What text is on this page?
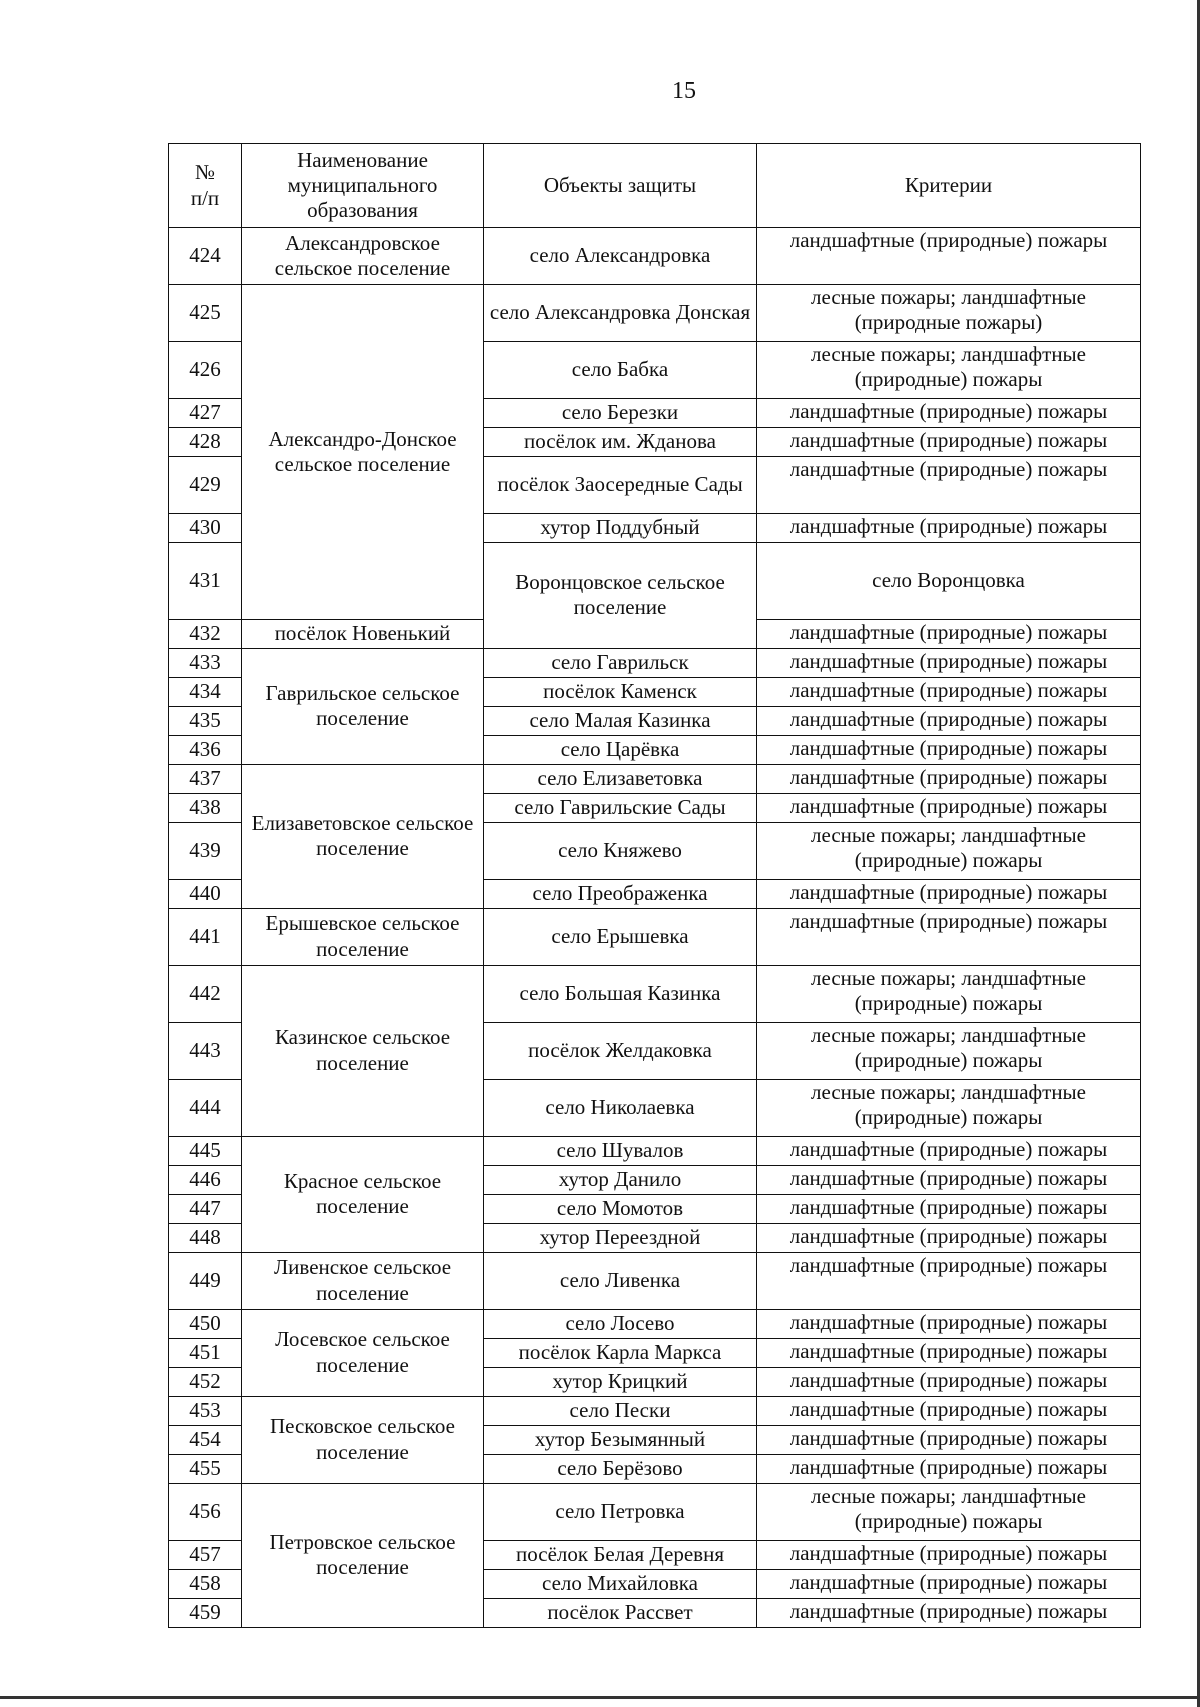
15
№
п/п	Наименование муниципального образования	Объекты защиты	Критерии	
424	Александровское сельское поселение	село Александровка	ландшафтные (природные) пожары	
425	Александро-Донское сельское поселение	село Александровка Донская	лесные пожары; ландшафтные (природные пожары)	
426		село Бабка	лесные пожары; ландшафтные (природные) пожары	
427		село Березки	ландшафтные (природные) пожары	
428		посёлок им. Жданова	ландшафтные (природные) пожары	
429		посёлок Заосередные Сады	ландшафтные (природные) пожары	
430		хутор Поддубный	ландшафтные (природные) пожары	
431		Воронцовское сельское поселение	село Воронцовка	
432	посёлок Новенький		ландшафтные (природные) пожары	
433	Гаврильское сельское поселение	село Гаврильск	ландшафтные (природные) пожары	
434		посёлок Каменск	ландшафтные (природные) пожары	
435		село Малая Казинка	ландшафтные (природные) пожары	
436		село Царёвка	ландшафтные (природные) пожары	
437	Елизаветовское сельское поселение	село Елизаветовка	ландшафтные (природные) пожары	
438		село Гаврильские Сады	ландшафтные (природные) пожары	
439		село Княжево	лесные пожары; ландшафтные (природные) пожары	
440		село Преображенка	ландшафтные (природные) пожары	
441	Ерышевское сельское поселение	село Ерышевка	ландшафтные (природные) пожары	
442	Казинское сельское поселение	село Большая Казинка	лесные пожары; ландшафтные (природные) пожары	
443		посёлок Желдаковка	лесные пожары; ландшафтные (природные) пожары	
444		село Николаевка	лесные пожары; ландшафтные (природные) пожары	
445	Красное сельское поселение	село Шувалов	ландшафтные (природные) пожары	
446		хутор Данило	ландшафтные (природные) пожары	
447		село Момотов	ландшафтные (природные) пожары	
448		хутор Переездной	ландшафтные (природные) пожары	
449	Ливенское сельское поселение	село Ливенка	ландшафтные (природные) пожары	
450	Лосевское сельское поселение	село Лосево	ландшафтные (природные) пожары	
451		посёлок Карла Маркса	ландшафтные (природные) пожары	
452		хутор Крицкий	ландшафтные (природные) пожары	
453	Песковское сельское поселение	село Пески	ландшафтные (природные) пожары	
454		хутор Безымянный	ландшафтные (природные) пожары	
455		село Берёзово	ландшафтные (природные) пожары	
456	Петровское сельское поселение	село Петровка	лесные пожары; ландшафтные (природные) пожары	
457		посёлок Белая Деревня	ландшафтные (природные) пожары	
458		село Михайловка	ландшафтные (природные) пожары	
459		посёлок Рассвет	ландшафтные (природные) пожары	
